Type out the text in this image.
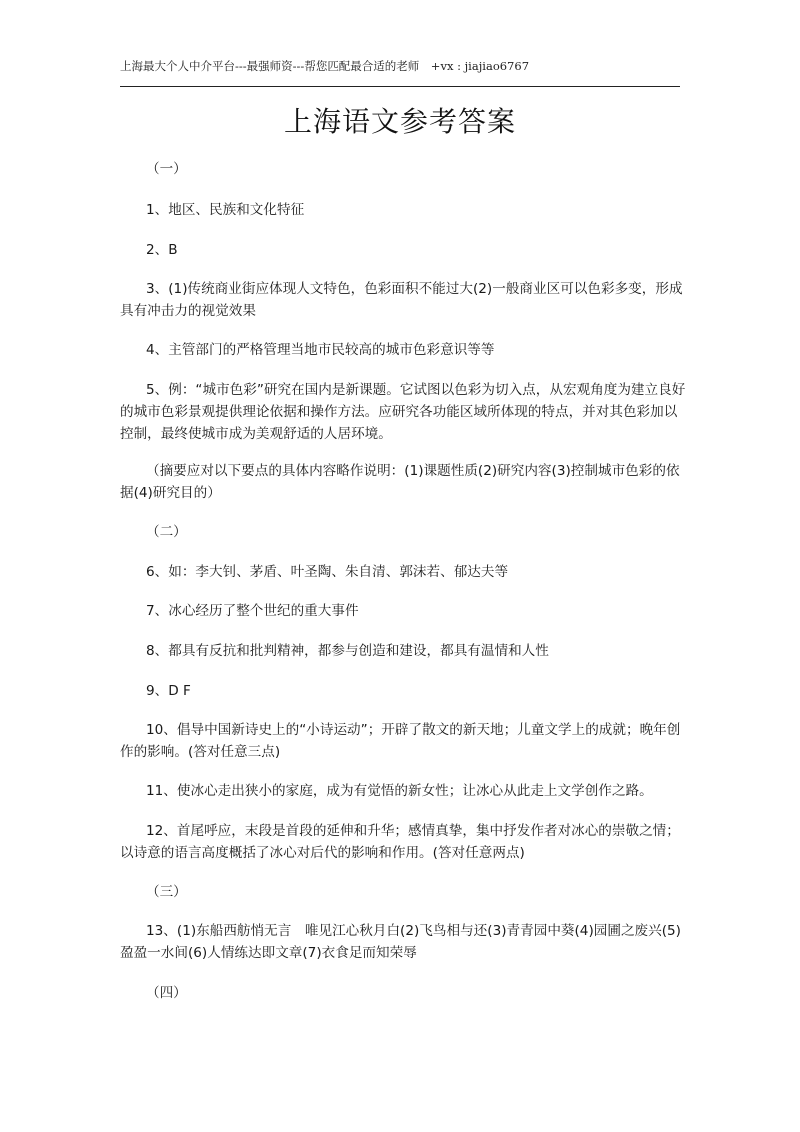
上海最大个人中介平台---最强师资---帮您匹配最合适的老师　+vx : jiajiao6767
上海语文参考答案

（一）

1、地区、民族和文化特征

2、B

3、(1)传统商业街应体现人文特色，色彩面积不能过大(2)一般商业区可以色彩多变，形成具有冲击力的视觉效果

4、主管部门的严格管理当地市民较高的城市色彩意识等等

5、例：“城市色彩”研究在国内是新课题。它试图以色彩为切入点，从宏观角度为建立良好的城市色彩景观提供理论依据和操作方法。应研究各功能区域所体现的特点，并对其色彩加以控制，最终使城市成为美观舒适的人居环境。

（摘要应对以下要点的具体内容略作说明：(1)课题性质(2)研究内容(3)控制城市色彩的依据(4)研究目的）

（二）

6、如：李大钊、茅盾、叶圣陶、朱自清、郭沫若、郁达夫等

7、冰心经历了整个世纪的重大事件

8、都具有反抗和批判精神，都参与创造和建设，都具有温情和人性

9、D F

10、倡导中国新诗史上的“小诗运动”；开辟了散文的新天地；儿童文学上的成就；晚年创作的影响。(答对任意三点)

11、使冰心走出狭小的家庭，成为有觉悟的新女性；让冰心从此走上文学创作之路。

12、首尾呼应，末段是首段的延伸和升华；感情真挚，集中抒发作者对冰心的崇敬之情；以诗意的语言高度概括了冰心对后代的影响和作用。(答对任意两点)

（三）

13、(1)东船西舫悄无言　唯见江心秋月白(2)飞鸟相与还(3)青青园中葵(4)园圃之废兴(5)盈盈一水间(6)人情练达即文章(7)衣食足而知荣辱

（四）
